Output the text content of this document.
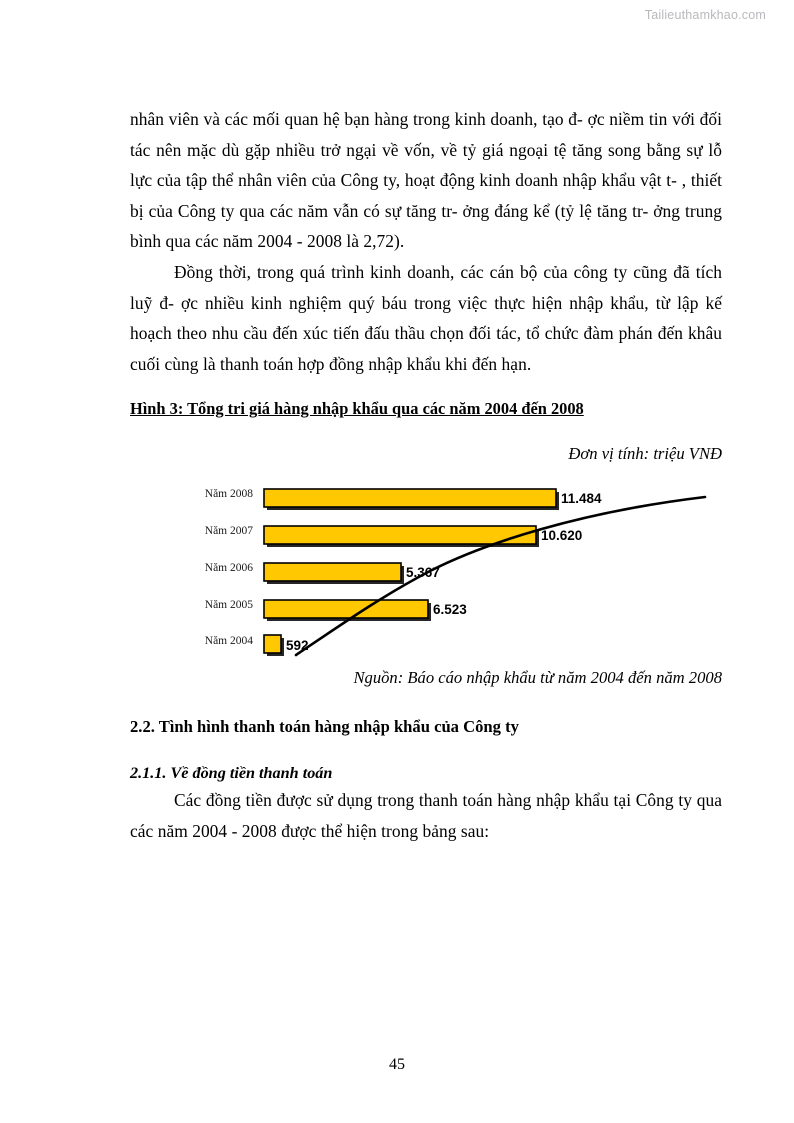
Tailieuthamkhao.com

nhân viên và các mối quan hệ bạn hàng trong kinh doanh, tạo đ- ợc niềm tin với đối tác nên mặc dù gặp nhiều trở ngại về vốn, về tỷ giá ngoại tệ tăng song bằng sự lỗ lực của tập thể nhân viên của Công ty, hoạt động kinh doanh nhập khẩu vật t- , thiết bị của Công ty qua các năm vẫn có sự tăng tr- ởng đáng kể (tỷ lệ tăng tr- ởng trung bình qua các năm 2004 - 2008 là 2,72).

Đồng thời, trong quá trình kinh doanh, các cán bộ của công ty cũng đã tích luỹ đ- ợc nhiều kinh nghiệm quý báu trong việc thực hiện nhập khẩu, từ lập kế hoạch theo nhu cầu đến xúc tiến đấu thầu chọn đối tác, tổ chức đàm phán đến khâu cuối cùng là thanh toán hợp đồng nhập khẩu khi đến hạn.

Hình 3: Tổng tri giá hàng nhập khẩu qua các năm 2004 đến 2008
Đơn vị tính: triệu VNĐ
Năm 2008	11.484
Năm 2007	10.620
Năm 2006	5.367
Năm 2005	6.523
Năm 2004 592
Nguồn: Báo cáo nhập khẩu từ năm 2004 đến năm 2008
2.2. Tình hình thanh toán hàng nhập khẩu của Công ty
2.1.1. Về đồng tiền thanh toán

Các đồng tiền được sử dụng trong thanh toán hàng nhập khẩu tại Công ty qua các năm 2004 - 2008 được thể hiện trong bảng sau:

45
